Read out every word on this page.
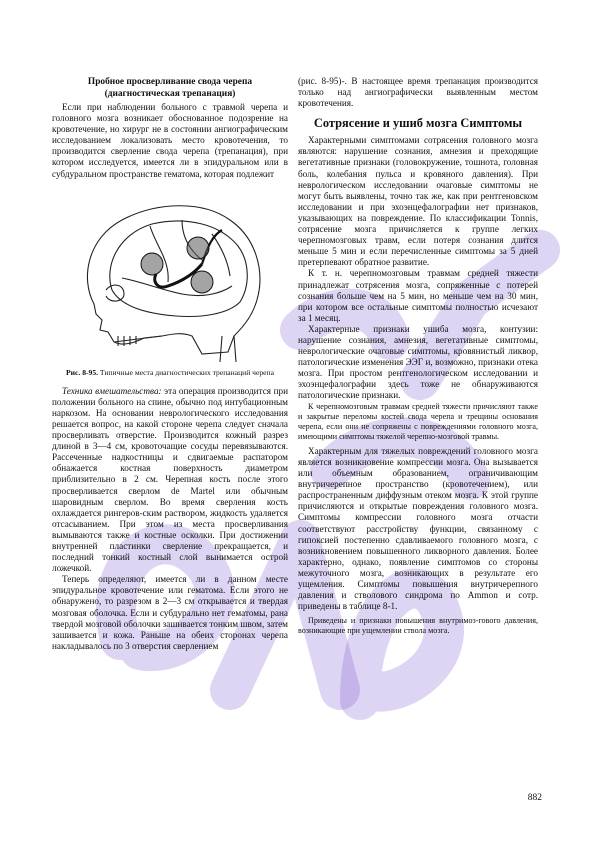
Пробное просверливание свода черепа (диагностическая трепанация)

Если при наблюдении больного с травмой черепа и головного мозга возникает обоснованное подозрение на кровотечение, но хирург не в состоянии ангиографическим исследованием локализовать место кровотечения, то производится сверление свода черепа (трепанация), при котором исследуется, имеется ли в эпидуральном или в субдуральном пространстве гематома, которая подлежит

Рис. 8-95. Типичные места диагностических трепанаций черепа

Техника вмешательства: эта операция производится при положении больного на спине, обычно под интубационным наркозом. На основании неврологического исследования решается вопрос, на какой стороне черепа следует сначала просверливать отверстие. Производится кожный разрез длиной в 3—4 см, кровоточащие сосуды перевязываются. Рассеченные надкостницы и сдвигаемые распатором обнажается костная поверхность диаметром приблизительно в 2 см. Черепная кость после этого просверливается сверлом de Martel или обычным шаровидным сверлом. Во время сверления кость охлаждается рингеров-ским раствором, жидкость удаляется отсасыванием. При этом из места просверливания вымываются также и костные осколки. При достижении внутренней пластинки сверление прекращается, и последний тонкий костный слой вынимается острой ложечкой.

Теперь определяют, имеется ли в данном месте эпидуральное кровотечение или гематома. Если этого не обнаружено, то разрезом в 2—3 см открывается и твердая мозговая оболочка. Если и субдурально нет гематомы, рана твердой мозговой оболочки зашивается тонким швом, затем зашивается и кожа. Раньше на обеих сторонах черепа накладывалось по 3 отверстия сверлением

(рис. 8-95)-. В настоящее время трепанация производится только над ангиографически выявленным местом кровотечения.

Сотрясение и ушиб мозга Симптомы

Характерными симптомами сотрясения головного мозга являются: нарушение сознания, амнезия и преходящие вегетативные признаки (головокружение, тошнота, головная боль, колебания пульса и кровяного давления). При неврологическом исследовании очаговые симптомы не могут быть выявлены, точно так же, как при рентгеновском исследовании и при эхоэнцефалографии нет признаков, указывающих на повреждение. По классификации Tonnis, сотрясение мозга причисляется к группе легких черепномозговых травм, если потеря сознания длится меньше 5 мин и если перечисленные симптомы за 5 дней претерпевают обратное развитие.

К т. н. черепномозговым травмам средней тяжести принадлежат сотрясения мозга, сопряженные с потерей сознания больше чем на 5 мин, но меньше чем на 30 мин, при котором все остальные симптомы полностью исчезают за 1 месяц.

Характерные признаки ушиба мозга, контузии: нарушение сознания, амнезия, вегетативные симптомы, неврологические очаговые симптомы, кровянистый ликвор, патологические изменения ЭЭГ и, возможно, признаки отека мозга. При простом рентгенологическом исследовании и эхоэнцефалографии здесь тоже не обнаруживаются патологические признаки.

К черепномозговым травмам средней тяжести причисляют также и закрытые переломы костей свода черепа и трещины основания черепа, если они не сопряжены с повреждениями головного мозга, имеющими симптомы тяжелой черепно-мозговой травмы.

Характерным для тяжелых повреждений головного мозга является возникновение компрессии мозга. Она вызывается или объемным образованием, ограничивающим внутричерепное пространство (кровотечением), или распространенным диффузным отеком мозга. К этой группе причисляются и открытые повреждения головного мозга. Симптомы компрессии головного мозга отчасти соответствуют расстройству функции, связанному с гипоксией постепенно сдавливаемого головного мозга, с возникновением повышенного ликворного давления. Более характерно, однако, появление симптомов со стороны межуточного мозга, возникающих в результате его ущемления. Симптомы повышения внутричерепного давления и стволового синдрома по Ammon и сотр. приведены в таблице 8-1.

Приведены и признаки повышения внутримоз-гового давления, возникающие при ущемлении ствола мозга.

882
